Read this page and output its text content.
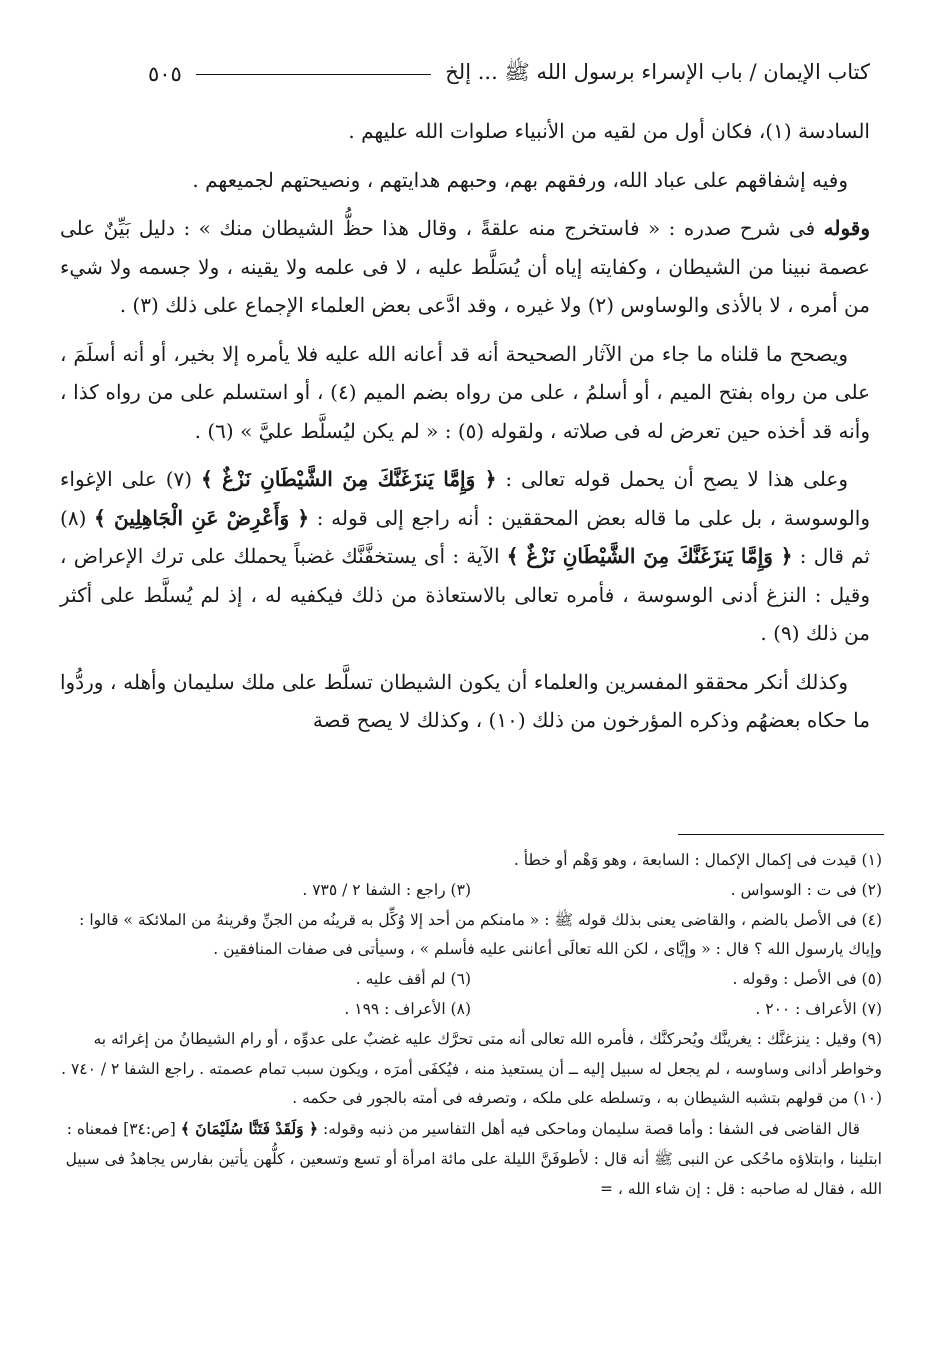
كتاب الإيمان / باب الإسراء برسول الله ﷺ ... إلخ
٥٠٥

السادسة (١)، فكان أول من لقيه من الأنبياء صلوات الله عليهم .

وفيه إشفاقهم على عباد الله، ورفقهم بهم، وحبهم هدايتهم ، ونصيحتهم لجميعهم .

وقوله فى شرح صدره : « فاستخرج منه علقةً ، وقال هذا حظُّ الشيطان منك » : دليل بَيِّنٌ على عصمة نبينا من الشيطان ، وكفايته إياه أن يُسَلَّط عليه ، لا فى علمه ولا يقينه ، ولا جسمه ولا شيء من أمره ، لا بالأذى والوساوس (٢) ولا غيره ، وقد ادَّعى بعض العلماء الإجماع على ذلك (٣) .

ويصحح ما قلناه ما جاء من الآثار الصحيحة أنه قد أعانه الله عليه فلا يأمره إلا بخير، أو أنه أسلَمَ ، على من رواه بفتح الميم ، أو أسلمُ ، على من رواه بضم الميم (٤) ، أو استسلم على من رواه كذا ، وأنه قد أخذه حين تعرض له فى صلاته ، ولقوله (٥) : « لم يكن ليُسلَّط عليَّ » (٦) .

وعلى هذا لا يصح أن يحمل قوله تعالى : ﴿ وَإِمَّا يَنزَغَنَّكَ مِنَ الشَّيْطَانِ نَزْغٌ ﴾ (٧) على الإغواء والوسوسة ، بل على ما قاله بعض المحققين : أنه راجع إلى قوله : ﴿ وَأَعْرِضْ عَنِ الْجَاهِلِينَ ﴾ (٨) ثم قال : ﴿ وَإِمَّا يَنزَغَنَّكَ مِنَ الشَّيْطَانِ نَزْغٌ ﴾ الآية : أى يستخفَّنَّك غضباً يحملك على ترك الإعراض ، وقيل : النزغ أدنى الوسوسة ، فأمره تعالى بالاستعاذة من ذلك فيكفيه له ، إذ لم يُسلَّط على أكثر من ذلك (٩) .

وكذلك أنكر محققو المفسرين والعلماء أن يكون الشيطان تسلَّط على ملك سليمان وأهله ، وردُّوا ما حكاه بعضهُم وذكره المؤرخون من ذلك (١٠) ، وكذلك لا يصح قصة

(١) قيدت فى إكمال الإكمال : السابعة ، وهو وَهْم أو خطأ .

(٢) فى ت : الوسواس .
(٣) راجع : الشفا ٢ / ٧٣٥ .

(٤) فى الأصل بالضم ، والقاضى يعنى بذلك قوله ﷺ : « مامنكم من أحد إلا وُكِّل به قرينُه من الجنِّ وقرينهُ من الملائكة » قالوا : وإياك يارسول الله ؟ قال : « وإيَّاى ، لكن الله تعالَى أعاننى عليه فأسلم » ، وسيأتى فى صفات المنافقين .

(٥) فى الأصل : وقوله .
(٦) لم أقف عليه .
(٧) الأعراف : ٢٠٠ .
(٨) الأعراف : ١٩٩ .

(٩) وقيل : ينزغنَّك : يغرينَّك ويُحركنَّك ، فأمره الله تعالى أنه متى تحرَّك عليه غضبٌ على عدوِّه ، أو رام الشيطانُ من إغرائه به وخواطر أدانى وساوسه ، لم يجعل له سبيل إليه ــ أن يستعيذ منه ، فيُكفَى أمرَه ، ويكون سبب تمام عصمته . راجع الشفا ٢ / ٧٤٠ .

(١٠) من قولهم بتشبه الشيطان به ، وتسلطه على ملكه ، وتصرفه فى أمته بالجور فى حكمه .

قال القاضى فى الشفا : وأما قصة سليمان وماحكى فيه أهل التفاسير من ذنبه وقوله: ﴿ وَلَقَدْ فَتَنَّا سُلَيْمَانَ ﴾ [ص:٣٤] فمعناه : ابتلينا ، وابتلاؤه ماحُكى عن النبى ﷺ أنه قال : لأطوفَنَّ الليلة على مائة امرأة أو تسع وتسعين ، كلُّهن يأتين بفارس يجاهدُ فى سبيل الله ، فقال له صاحبه : قل : إن شاء الله ، =
